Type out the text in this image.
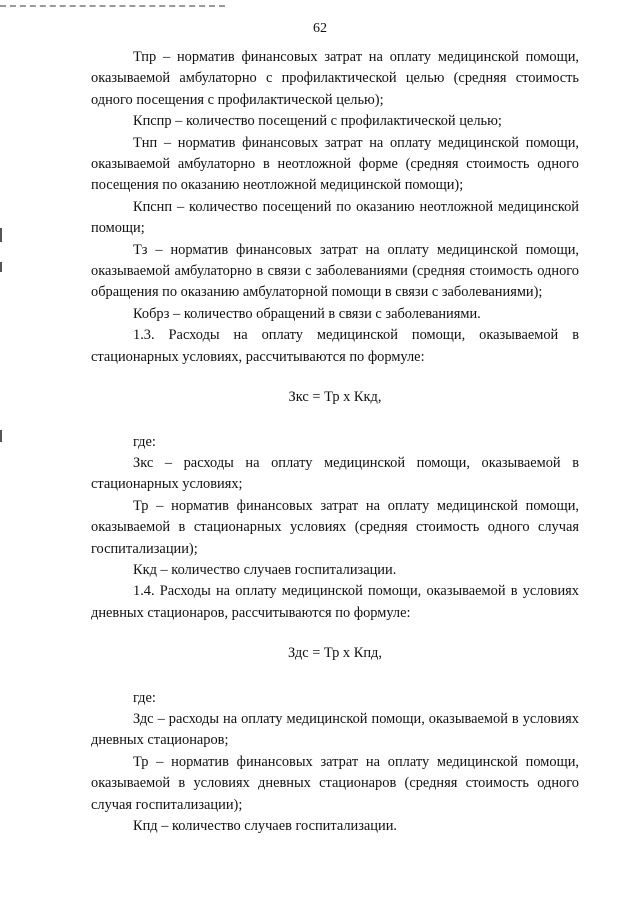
62

Тпр – норматив финансовых затрат на оплату медицинской помощи, оказываемой амбулаторно с профилактической целью (средняя стоимость одного посещения с профилактической целью);

Кпспр – количество посещений с профилактической целью;

Тнп – норматив финансовых затрат на оплату медицинской помощи, оказываемой амбулаторно в неотложной форме (средняя стоимость одного посещения по оказанию неотложной медицинской помощи);

Кпснп – количество посещений по оказанию неотложной медицинской помощи;

Тз – норматив финансовых затрат на оплату медицинской помощи, оказываемой амбулаторно в связи с заболеваниями (средняя стоимость одного обращения по оказанию амбулаторной помощи в связи с заболеваниями);

Кобрз – количество обращений в связи с заболеваниями.

1.3. Расходы на оплату медицинской помощи, оказываемой в стационарных условиях, рассчитываются по формуле:

Зкс = Тр х Ккд,

где:

Зкс – расходы на оплату медицинской помощи, оказываемой в стационарных условиях;

Тр – норматив финансовых затрат на оплату медицинской помощи, оказываемой в стационарных условиях (средняя стоимость одного случая госпитализации);

Ккд – количество случаев госпитализации.

1.4. Расходы на оплату медицинской помощи, оказываемой в условиях дневных стационаров, рассчитываются по формуле:

Здс = Тр х Кпд,

где:

Здс – расходы на оплату медицинской помощи, оказываемой в условиях дневных стационаров;

Тр – норматив финансовых затрат на оплату медицинской помощи, оказываемой в условиях дневных стационаров (средняя стоимость одного случая госпитализации);

Кпд – количество случаев госпитализации.
